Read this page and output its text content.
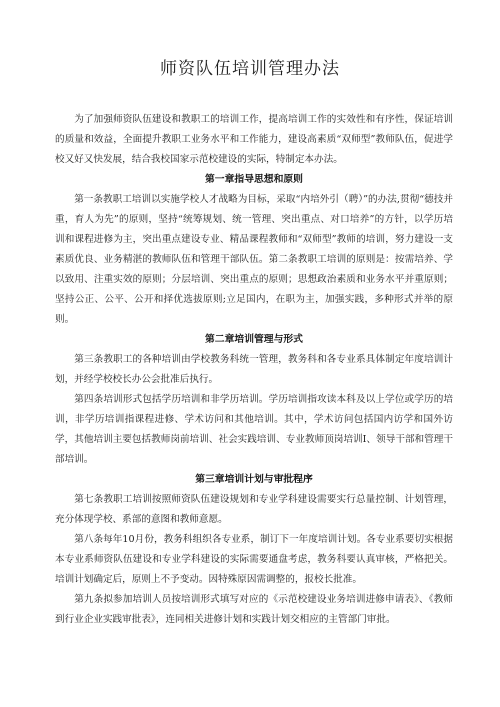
师资队伍培训管理办法

为了加强师资队伍建设和教职工的培训工作，提高培训工作的实效性和有序性，保证培训的质量和效益，全面提升教职工业务水平和工作能力，建设高素质“双师型”教师队伍，促进学校又好又快发展，结合我校国家示范校建设的实际，特制定本办法。

第一章指导思想和原则

第一条教职工培训以实施学校人才战略为目标，采取“内培外引（聘）”的办法,贯彻“德技并重，育人为先”的原则，坚持“统筹规划、统一管理、突出重点、对口培养”的方针，以学历培训和课程进修为主，突出重点建设专业、精品课程教师和“双师型”教师的培训，努力建设一支素质优良、业务精湛的教师队伍和管理干部队伍。第二条教职工培训的原则是：按需培养、学以致用、注重实效的原则；分层培训、突出重点的原则；思想政治素质和业务水平并重原则；坚持公正、公平、公开和择优选拔原则;立足国内，在职为主，加强实践，多种形式并举的原则。

第二章培训管理与形式

第三条教职工的各种培训由学校教务科统一管理，教务科和各专业系具体制定年度培训计划，并经学校校长办公会批准后执行。

第四条培训形式包括学历培训和非学历培训。学历培训指攻读本科及以上学位或学历的培训，非学历培训指课程进修、学术访问和其他培训。其中，学术访问包括国内访学和国外访学，其他培训主要包括教师岗前培训、社会实践培训、专业教师顶岗培训I、领导干部和管理干部培训。

第三章培训计划与审批程序

第七条教职工培训按照师资队伍建设规划和专业学科建设需要实行总量控制、计划管理，充分体现学校、系部的意图和教师意愿。

第八条每年10月份，教务科组织各专业系，制订下一年度培训计划。各专业系要切实根据本专业系师资队伍建设和专业学科建设的实际需要通盘考虑，教务科要认真审核，严格把关。培训计划确定后，原则上不予变动。因特殊原因需调整的，报校长批准。

第九条拟参加培训人员按培训形式填写对应的《示范校建设业务培训进修申请表》、《教师到行业企业实践审批表》，连同相关进修计划和实践计划交相应的主管部门审批。
